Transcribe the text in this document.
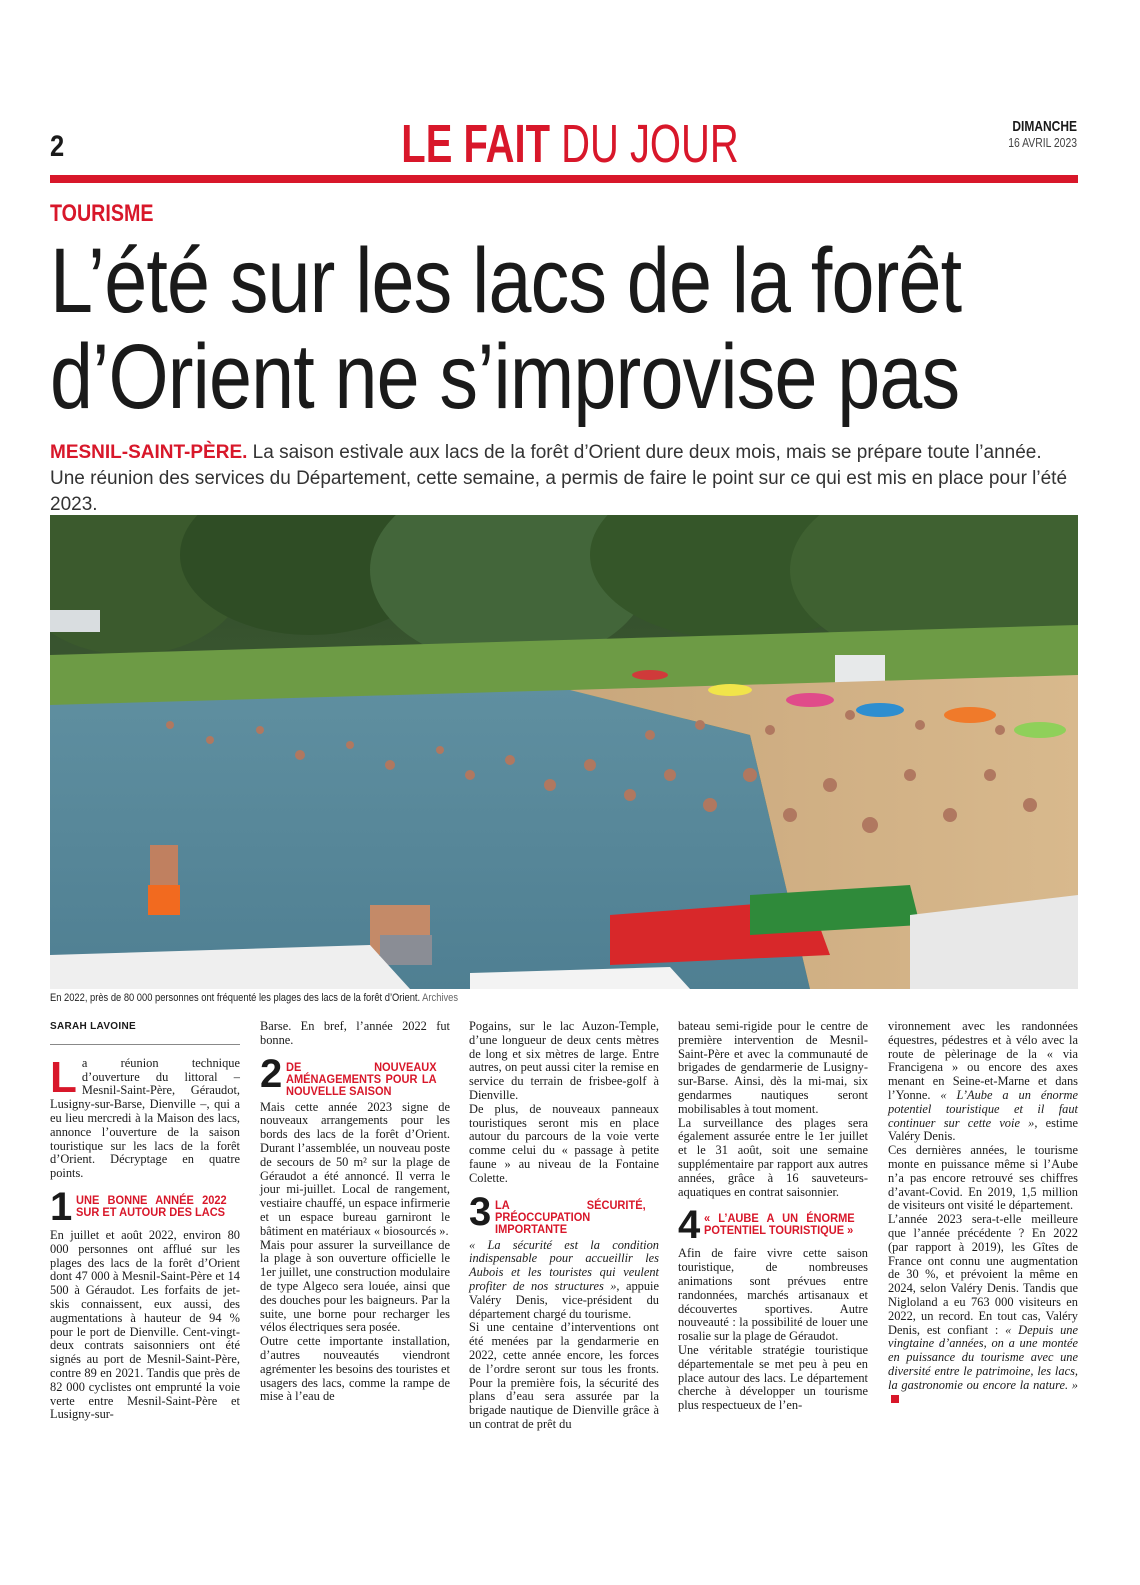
2	LE FAIT DU JOUR	DIMANCHE
16 AVRIL 2023
TOURISME
L’été sur les lacs de la forêt
d’Orient ne s’improvise pas
MESNIL-SAINT-PÈRE. La saison estivale aux lacs de la forêt d’Orient dure deux mois, mais se prépare toute l’année. Une réunion des services du Département, cette semaine, a permis de faire le point sur ce qui est mis en place pour l’été 2023.
En 2022, près de 80 000 personnes ont fréquenté les plages des lacs de la forêt d’Orient. Archives
SARAH LAVOINE

La réunion technique d’ouverture du littoral – Mesnil-Saint-Père, Géraudot, Lusigny-sur-Barse, Dienville –, qui a eu lieu mercredi à la Maison des lacs, annonce l’ouverture de la saison touristique sur les lacs de la forêt d’Orient. Décryptage en quatre points.

1 UNE BONNE ANNÉE 2022 SUR ET AUTOUR DES LACS

En juillet et août 2022, environ 80 000 personnes ont afflué sur les plages des lacs de la forêt d’Orient dont 47 000 à Mesnil-Saint-Père et 14 500 à Géraudot. Les forfaits de jet-skis connaissent, eux aussi, des augmentations à hauteur de 94 % pour le port de Dienville. Cent-vingt-deux contrats saisonniers ont été signés au port de Mesnil-Saint-Père, contre 89 en 2021. Tandis que près de 82 000 cyclistes ont emprunté la voie verte entre Mesnil-Saint-Père et Lusigny-sur-

Barse. En bref, l’année 2022 fut bonne.

2 DE NOUVEAUX AMÉNAGEMENTS POUR LA NOUVELLE SAISON

Mais cette année 2023 signe de nouveaux arrangements pour les bords des lacs de la forêt d’Orient. Durant l’assemblée, un nouveau poste de secours de 50 m² sur la plage de Géraudot a été annoncé. Il verra le jour mi-juillet. Local de rangement, vestiaire chauffé, un espace infirmerie et un espace bureau garniront le bâtiment en matériaux « biosourcés ».

Mais pour assurer la surveillance de la plage à son ouverture officielle le 1er juillet, une construction modulaire de type Algeco sera louée, ainsi que des douches pour les baigneurs. Par la suite, une borne pour recharger les vélos électriques sera posée.

Outre cette importante installation, d’autres nouveautés viendront agrémenter les besoins des touristes et usagers des lacs, comme la rampe de mise à l’eau de

Pogains, sur le lac Auzon-Temple, d’une longueur de deux cents mètres de long et six mètres de large. Entre autres, on peut aussi citer la remise en service du terrain de frisbee-golf à Dienville.

De plus, de nouveaux panneaux touristiques seront mis en place autour du parcours de la voie verte comme celui du « passage à petite faune » au niveau de la Fontaine Colette.

3 LA SÉCURITÉ, PRÉOCCUPATION IMPORTANTE

« La sécurité est la condition indispensable pour accueillir les Aubois et les touristes qui veulent profiter de nos structures », appuie Valéry Denis, vice-président du département chargé du tourisme.

Si une centaine d’interventions ont été menées par la gendarmerie en 2022, cette année encore, les forces de l’ordre seront sur tous les fronts. Pour la première fois, la sécurité des plans d’eau sera assurée par la brigade nautique de Dienville grâce à un contrat de prêt du

bateau semi-rigide pour le centre de première intervention de Mesnil-Saint-Père et avec la communauté de brigades de gendarmerie de Lusigny-sur-Barse. Ainsi, dès la mi-mai, six gendarmes nautiques seront mobilisables à tout moment.

La surveillance des plages sera également assurée entre le 1er juillet et le 31 août, soit une semaine supplémentaire par rapport aux autres années, grâce à 16 sauveteurs-aquatiques en contrat saisonnier.

4 « L’AUBE A UN ÉNORME POTENTIEL TOURISTIQUE »

Afin de faire vivre cette saison touristique, de nombreuses animations sont prévues entre randonnées, marchés artisanaux et découvertes sportives. Autre nouveauté : la possibilité de louer une rosalie sur la plage de Géraudot.

Une véritable stratégie touristique départementale se met peu à peu en place autour des lacs. Le département cherche à développer un tourisme plus respectueux de l’en-

vironnement avec les randonnées équestres, pédestres et à vélo avec la route de pèlerinage de la « via Francigena » ou encore des axes menant en Seine-et-Marne et dans l’Yonne. « L’Aube a un énorme potentiel touristique et il faut continuer sur cette voie », estime Valéry Denis.

Ces dernières années, le tourisme monte en puissance même si l’Aube n’a pas encore retrouvé ses chiffres d’avant-Covid. En 2019, 1,5 million de visiteurs ont visité le département.

L’année 2023 sera-t-elle meilleure que l’année précédente ? En 2022 (par rapport à 2019), les Gîtes de France ont connu une augmentation de 30 %, et prévoient la même en 2024, selon Valéry Denis. Tandis que Nigloland a eu 763 000 visiteurs en 2022, un record. En tout cas, Valéry Denis, est confiant : « Depuis une vingtaine d’années, on a une montée en puissance du tourisme avec une diversité entre le patrimoine, les lacs, la gastronomie ou encore la nature. »
